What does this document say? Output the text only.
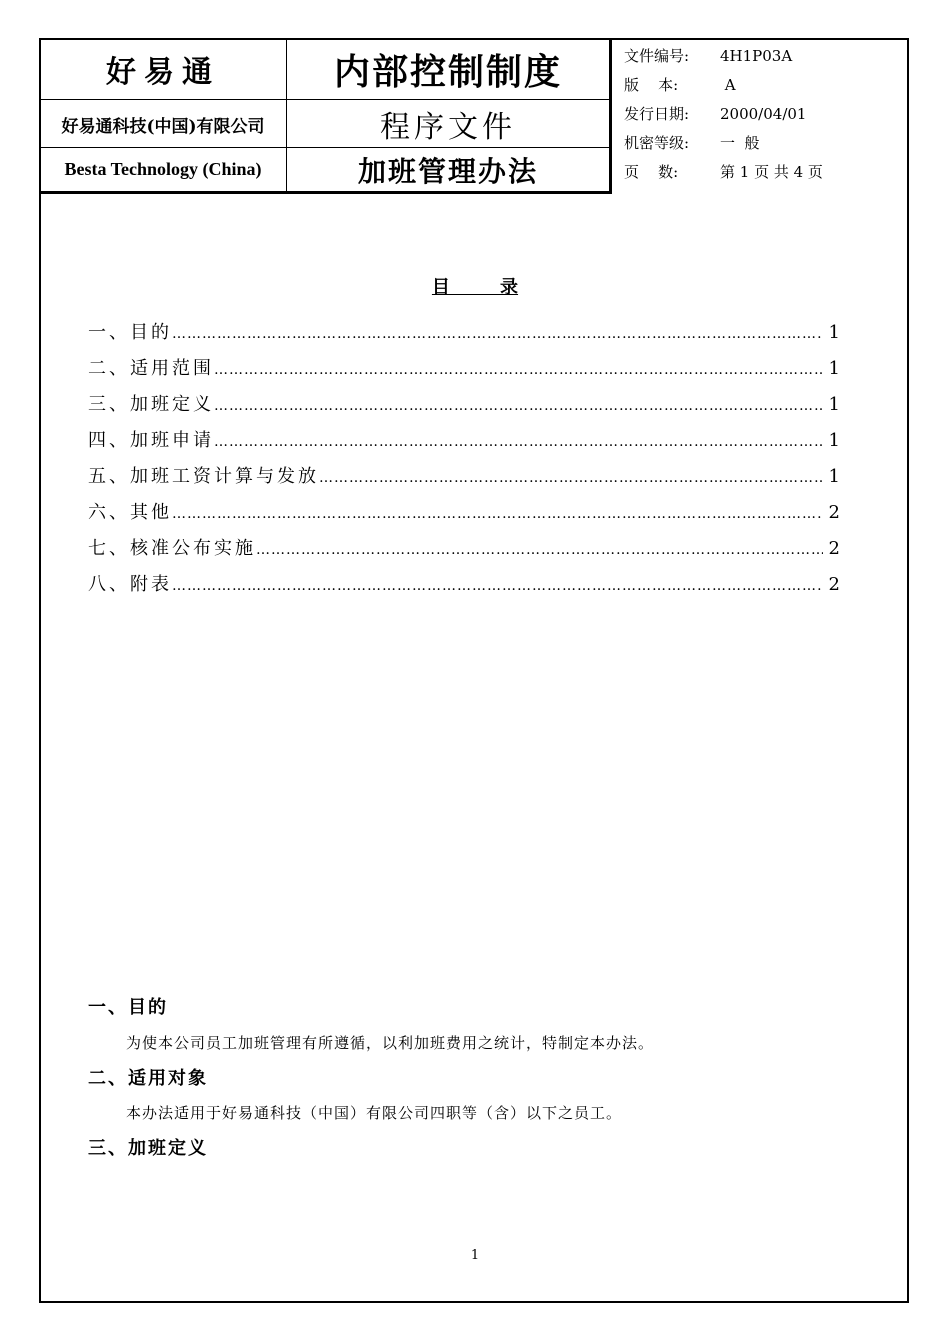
好易通	内部控制制度
好易通科技(中国)有限公司	程序文件
Besta Technology (China)	加班管理办法
文件编号:	4H1P03A
版    本:	A
发行日期:	2000/04/01
机密等级:	一  般
页    数:	第 1 页 共 4 页
目        录
一、目的 …………………………………………………………………………………………………………………………………………	1
二、适用范围 …………………………………………………………………………………………………………………………………………	1
三、加班定义 …………………………………………………………………………………………………………………………………………	1
四、加班申请 …………………………………………………………………………………………………………………………………………	1
五、加班工资计算与发放 …………………………………………………………………………………………………………………………………………	1
六、其他 …………………………………………………………………………………………………………………………………………	2
七、核准公布实施 …………………………………………………………………………………………………………………………………………	2
八、附表 …………………………………………………………………………………………………………………………………………	2
一、目的
为使本公司员工加班管理有所遵循，以利加班费用之统计，特制定本办法。
二、适用对象
本办法适用于好易通科技（中国）有限公司四职等（含）以下之员工。
三、加班定义
1
